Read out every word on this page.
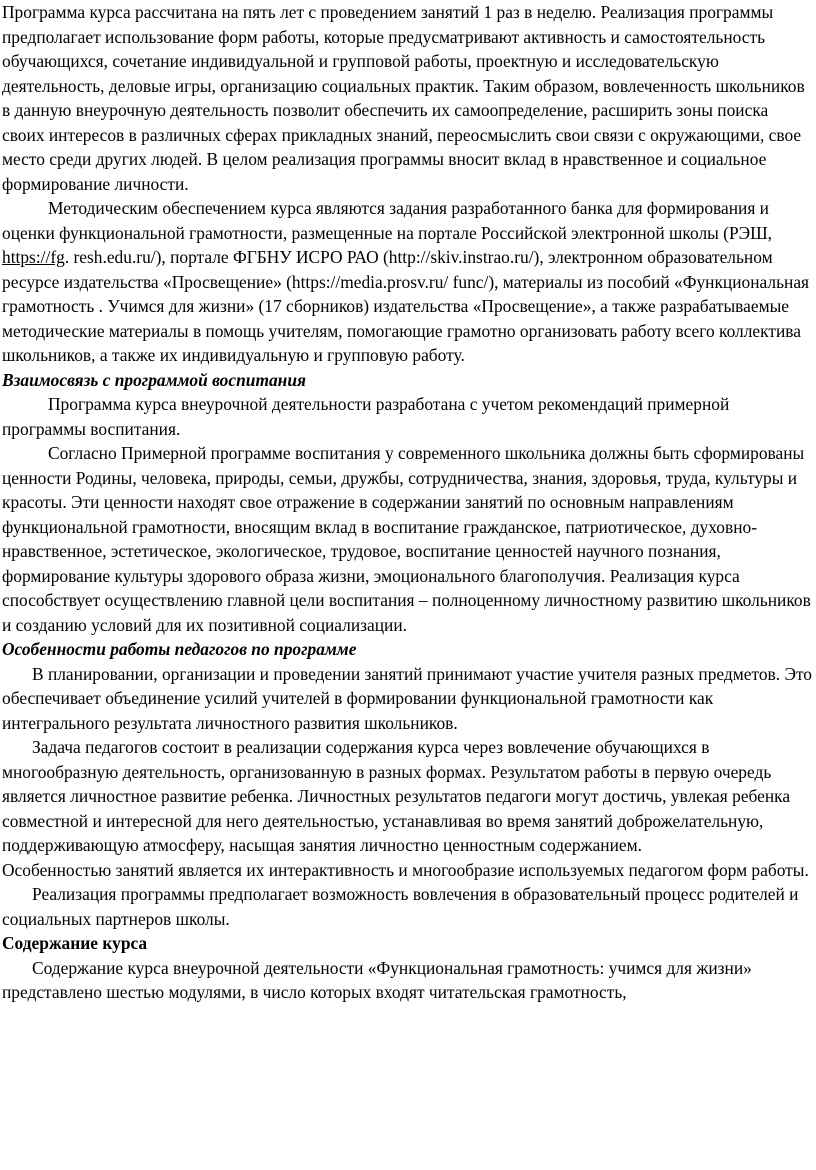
Программа курса рассчитана на пять лет с проведением занятий 1 раз в неделю. Реализация программы предполагает использование форм работы, которые предусматривают активность и самостоятельность обучающихся, сочетание индивидуальной и групповой работы, проектную и исследовательскую деятельность, деловые игры, организацию социальных практик. Таким образом, вовлеченность школьников в данную внеурочную деятельность позволит обеспечить их самоопределение, расширить зоны поиска своих интересов в различных сферах прикладных знаний, переосмыслить свои связи с окружающими, свое место среди других людей. В целом реализация программы вносит вклад в нравственное и социальное формирование личности.

Методическим обеспечением курса являются задания разработанного банка для формирования и оценки функциональной грамотности, размещенные на портале Российской электронной школы (РЭШ, https://fg. resh.edu.ru/), портале ФГБНУ ИСРО РАО (http://skiv.instrao.ru/), электронном образовательном ресурсе издательства «Просвещение» (https://media.prosv.ru/ func/), материалы из пособий «Функциональная грамотность . Учимся для жизни» (17 сборников) издательства «Просвещение», а также разрабатываемые методические материалы в помощь учителям, помогающие грамотно организовать работу всего коллектива школьников, а также их индивидуальную и групповую работу.

Взаимосвязь с программой воспитания

Программа курса внеурочной деятельности разработана с учетом рекомендаций примерной программы воспитания.

Согласно Примерной программе воспитания у современного школьника должны быть сформированы ценности Родины, человека, природы, семьи, дружбы, сотрудничества, знания, здоровья, труда, культуры и красоты. Эти ценности находят свое отражение в содержании занятий по основным направлениям функциональной грамотности, вносящим вклад в воспитание гражданское, патриотическое, духовно-нравственное, эстетическое, экологическое, трудовое, воспитание ценностей научного познания, формирование культуры здорового образа жизни, эмоционального благополучия. Реализация курса способствует осуществлению главной цели воспитания – полноценному личностному развитию школьников и созданию условий для их позитивной социализации.

Особенности работы педагогов по программе

В планировании, организации и проведении занятий принимают участие учителя разных предметов. Это обеспечивает объединение усилий учителей в формировании функциональной грамотности как интегрального результата личностного развития школьников.

Задача педагогов состоит в реализации содержания курса через вовлечение обучающихся в многообразную деятельность, организованную в разных формах. Результатом работы в первую очередь является личностное развитие ребенка. Личностных результатов педагоги могут достичь, увлекая ребенка совместной и интересной для него деятельностью, устанавливая во время занятий доброжелательную, поддерживающую атмосферу, насыщая занятия личностно ценностным содержанием.

Особенностью занятий является их интерактивность и многообразие используемых педагогом форм работы.

Реализация программы предполагает возможность вовлечения в образовательный процесс родителей и социальных партнеров школы.

Содержание курса

Содержание курса внеурочной деятельности «Функциональная грамотность: учимся для жизни» представлено шестью модулями, в число которых входят читательская грамотность,
